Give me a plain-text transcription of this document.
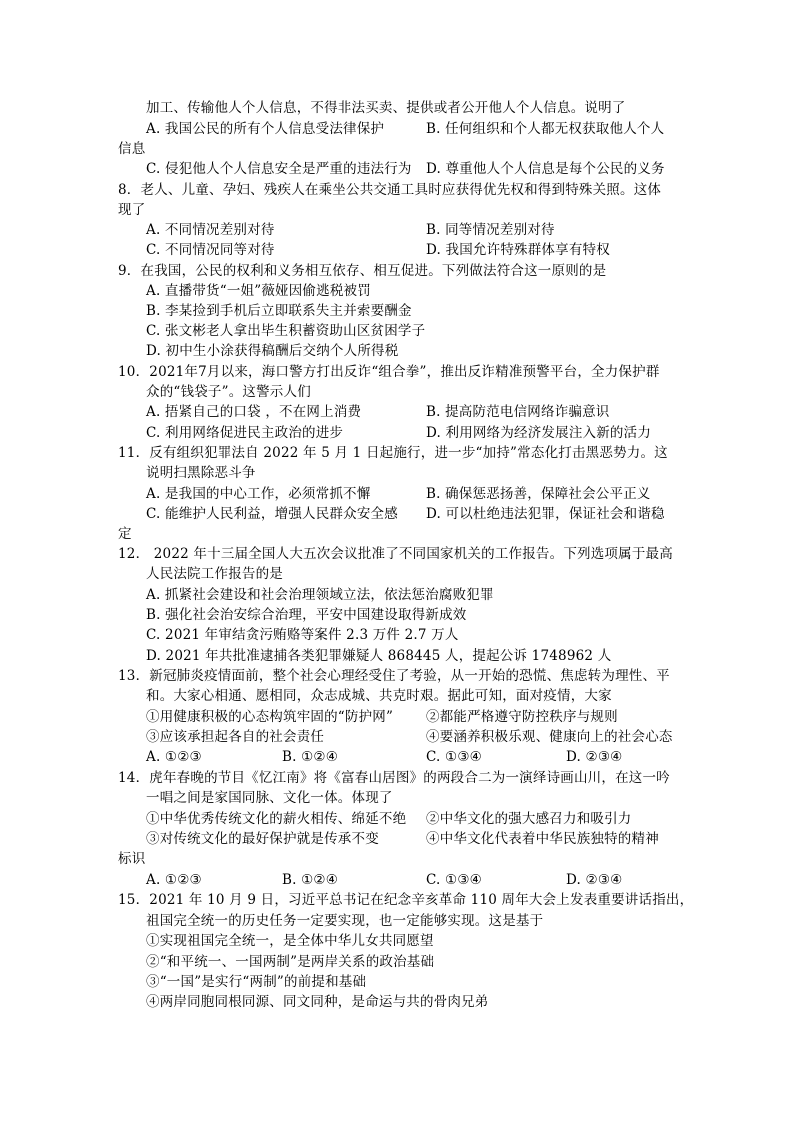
加工、传输他人个人信息，不得非法买卖、提供或者公开他人个人信息。说明了
A. 我国公民的所有个人信息受法律保护	B. 任何组织和个人都无权获取他人个人
信息
C. 侵犯他人个人信息安全是严重的违法行为 D. 尊重他人个人信息是每个公民的义务
8．老人、儿童、孕妇、残疾人在乘坐公共交通工具时应获得优先权和得到特殊关照。这体
现了
A. 不同情况差别对待	B. 同等情况差别对待
C. 不同情况同等对待	D. 我国允许特殊群体享有特权
9．在我国，公民的权利和义务相互依存、相互促进。下列做法符合这一原则的是
A. 直播带货“一姐”薇娅因偷逃税被罚
B. 李某捡到手机后立即联系失主并索要酬金
C. 张文彬老人拿出毕生积蓄资助山区贫困学子
D. 初中生小涂获得稿酬后交纳个人所得税
10．2021年7月以来，海口警方打出反诈“组合拳”，推出反诈精准预警平台，全力保护群
众的“钱袋子”。这警示人们
A. 捂紧自己的口袋 ，不在网上消费	B. 提高防范电信网络诈骗意识
C. 利用网络促进民主政治的进步	D. 利用网络为经济发展注入新的活力
11．反有组织犯罪法自 2022 年 5 月 1 日起施行，进一步“加持”常态化打击黑恶势力。这
说明扫黑除恶斗争
A. 是我国的中心工作，必须常抓不懈	B. 确保惩恶扬善，保障社会公平正义
C. 能维护人民利益，增强人民群众安全感 D. 可以杜绝违法犯罪，保证社会和谐稳
定
12． 2022 年十三届全国人大五次会议批准了不同国家机关的工作报告。下列选项属于最高
人民法院工作报告的是
A. 抓紧社会建设和社会治理领域立法，依法惩治腐败犯罪
B. 强化社会治安综合治理，平安中国建设取得新成效
C. 2021 年审结贪污贿赂等案件 2.3 万件 2.7 万人
D. 2021 年共批准逮捕各类犯罪嫌疑人 868445 人，提起公诉 1748962 人
13．新冠肺炎疫情面前，整个社会心理经受住了考验，从一开始的恐慌、焦虑转为理性、平
和。大家心相通、愿相同，众志成城、共克时艰。据此可知，面对疫情，大家
①用健康积极的心态构筑牢固的“防护网” ②都能严格遵守防控秩序与规则
③应该承担起各自的社会责任	④要涵养积极乐观、健康向上的社会心态
A. ①②③	B. ①②④	C. ①③④	D. ②③④
14．虎年春晚的节目《忆江南》将《富春山居图》的两段合二为一演绎诗画山川，在这一吟
一唱之间是家国同脉、文化一体。体现了
①中华优秀传统文化的薪火相传、绵延不绝 ②中华文化的强大感召力和吸引力
③对传统文化的最好保护就是传承不变	④中华文化代表着中华民族独特的精神
标识
A. ①②③	B. ①②④	C. ①③④	D. ②③④
15．2021 年 10 月 9 日，习近平总书记在纪念辛亥革命 110 周年大会上发表重要讲话指出，
祖国完全统一的历史任务一定要实现，也一定能够实现。这是基于
①实现祖国完全统一，是全体中华儿女共同愿望
②“和平统一、一国两制”是两岸关系的政治基础
③“一国”是实行“两制”的前提和基础
④两岸同胞同根同源、同文同种，是命运与共的骨肉兄弟
